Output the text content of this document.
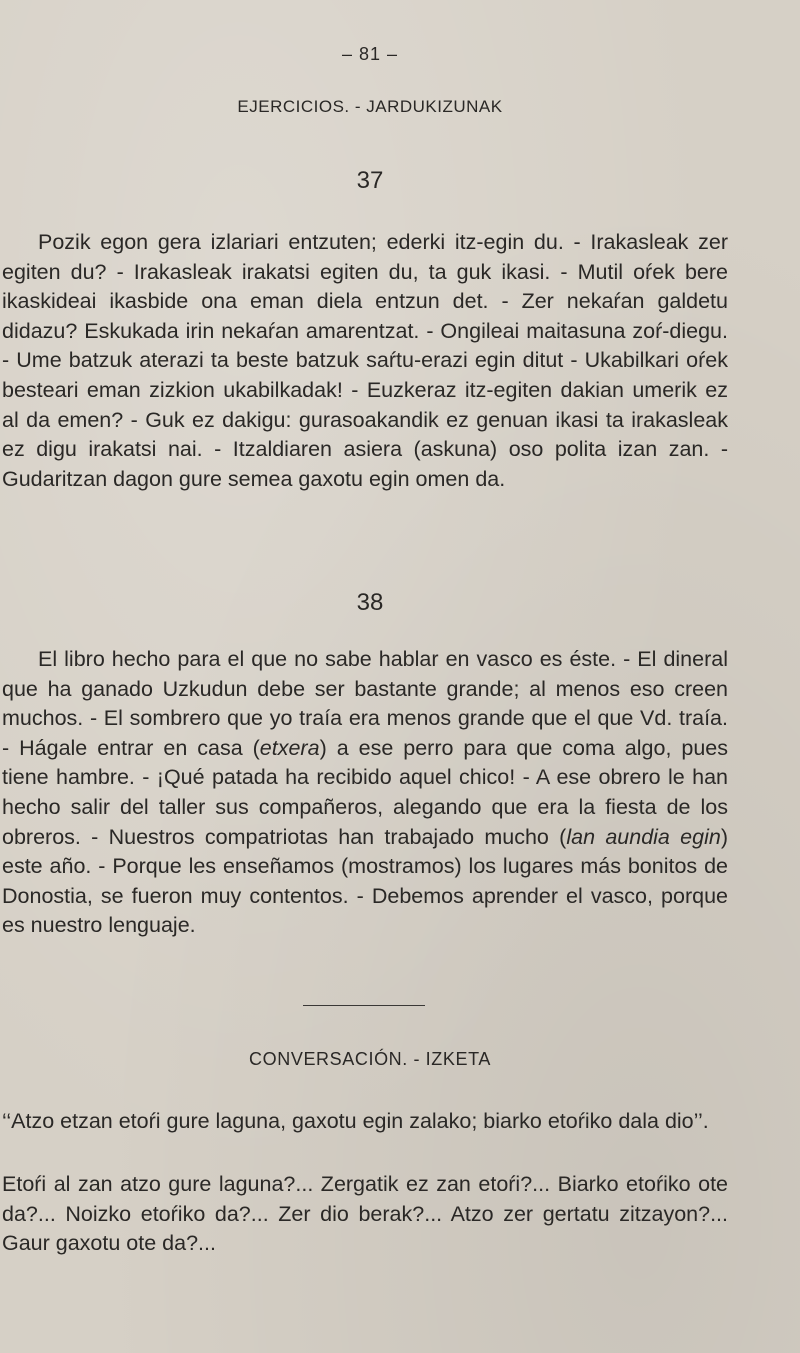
– 81 –
EJERCICIOS. - JARDUKIZUNAK
37

Pozik egon gera izlariari entzuten; ederki itz-egin du. - Irakasleak zer egiten du? - Irakasleak irakatsi egiten du, ta guk ikasi. - Mutil oŕek bere ikaskideai ikasbide ona eman diela entzun det. - Zer nekaŕan galdetu didazu? Eskukada irin nekaŕan amarentzat. - Ongileai maitasuna zoŕ-diegu. - Ume batzuk aterazi ta beste batzuk saŕtu-erazi egin ditut - Ukabilkari oŕek besteari eman zizkion ukabilkadak! - Euzkeraz itz-egiten dakian umerik ez al da emen? - Guk ez dakigu: gurasoakandik ez genuan ikasi ta irakasleak ez digu irakatsi nai. - Itzaldiaren asiera (askuna) oso polita izan zan. - Gudaritzan dagon gure semea gaxotu egin omen da.

38

El libro hecho para el que no sabe hablar en vasco es éste. - El dineral que ha ganado Uzkudun debe ser bastante grande; al menos eso creen muchos. - El sombrero que yo traía era menos grande que el que Vd. traía. - Hágale entrar en casa (etxera) a ese perro para que coma algo, pues tiene hambre. - ¡Qué patada ha recibido aquel chico! - A ese obrero le han hecho salir del taller sus compañeros, alegando que era la fiesta de los obreros. - Nuestros compatriotas han trabajado mucho (lan aundia egin) este año. - Porque les enseñamos (mostramos) los lugares más bonitos de Donostia, se fueron muy contentos. - Debemos aprender el vasco, porque es nuestro lenguaje.

CONVERSACIÓN. - IZKETA

‘‘Atzo etzan etoŕi gure laguna, gaxotu egin zalako; biarko etoŕiko dala dio’’.

Etoŕi al zan atzo gure laguna?... Zergatik ez zan etoŕi?... Biarko etoŕiko ote da?... Noizko etoŕiko da?... Zer dio berak?... Atzo zer gertatu zitzayon?... Gaur gaxotu ote da?...
